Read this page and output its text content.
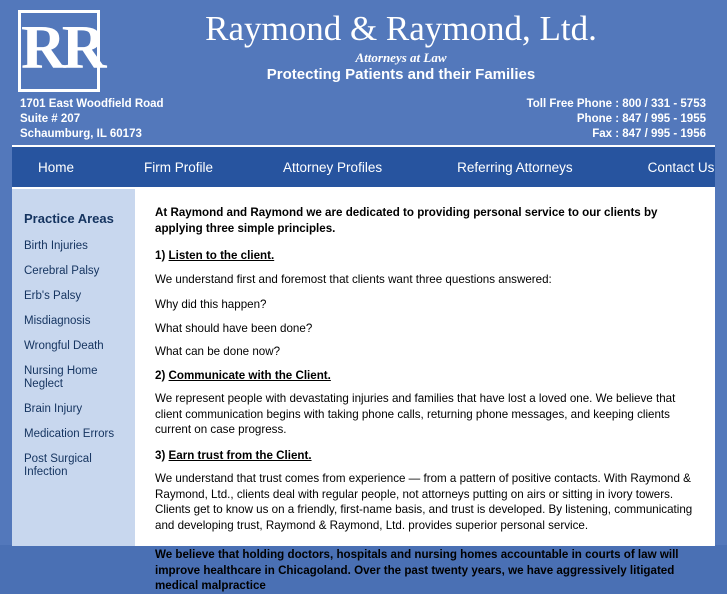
RR	Raymond & Raymond, Ltd.
Attorneys at Law
Protecting Patients and their Families
1701 East Woodfield Road
Suite # 207
Schaumburg, IL 60173
Toll Free Phone : 800 / 331 - 5753
Phone : 847 / 995 - 1955
Fax : 847 / 995 - 1956
Home	Firm Profile	Attorney Profiles	Referring Attorneys	Contact Us
Practice Areas
Birth Injuries
Cerebral Palsy
Erb's Palsy
Misdiagnosis
Wrongful Death
Nursing Home Neglect
Brain Injury
Medication Errors
Post Surgical Infection

At Raymond and Raymond we are dedicated to providing personal service to our clients by applying three simple principles.

1) Listen to the client.

We understand first and foremost that clients want three questions answered:

Why did this happen?

What should have been done?

What can be done now?

2) Communicate with the Client.

We represent people with devastating injuries and families that have lost a loved one. We believe that client communication begins with taking phone calls, returning phone messages, and keeping clients current on case progress.

3) Earn trust from the Client.

We understand that trust comes from experience — from a pattern of positive contacts. With Raymond & Raymond, Ltd., clients deal with regular people, not attorneys putting on airs or sitting in ivory towers. Clients get to know us on a friendly, first-name basis, and trust is developed. By listening, communicating and developing trust, Raymond & Raymond, Ltd. provides superior personal service.

We believe that holding doctors, hospitals and nursing homes accountable in courts of law will improve healthcare in Chicagoland. Over the past twenty years, we have aggressively litigated medical malpractice
